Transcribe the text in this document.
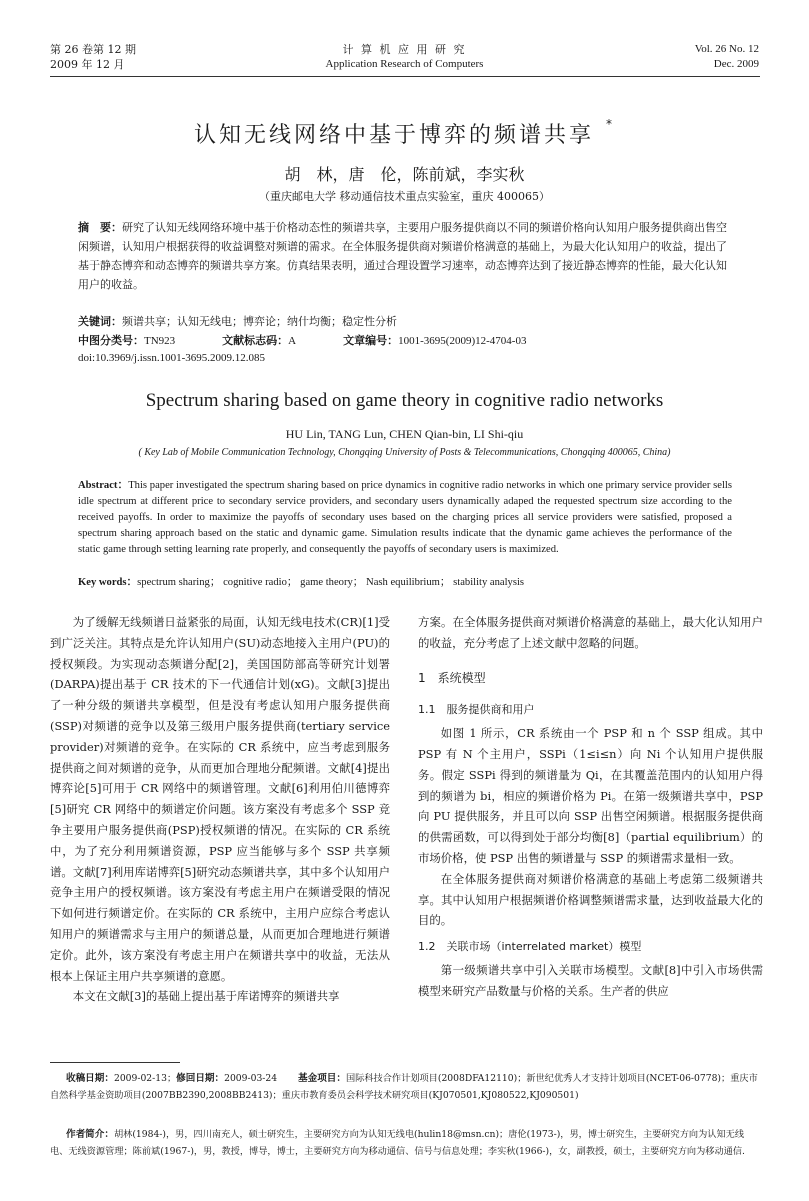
第 26 卷第 12 期
2009 年 12 月
计 算 机 应 用 研 究
Application Research of Computers
Vol. 26 No. 12
Dec. 2009
认知无线网络中基于博弈的频谱共享 *
胡　林，唐　伦，陈前斌，李实秋
（重庆邮电大学 移动通信技术重点实验室，重庆 400065）
摘　要：研究了认知无线网络环境中基于价格动态性的频谱共享，主要用户服务提供商以不同的频谱价格向认知用户服务提供商出售空闲频谱，认知用户根据获得的收益调整对频谱的需求。在全体服务提供商对频谱价格满意的基础上，为最大化认知用户的收益，提出了基于静态博弈和动态博弈的频谱共享方案。仿真结果表明，通过合理设置学习速率，动态博弈达到了接近静态博弈的性能，最大化认知用户的收益。
关键词：频谱共享；认知无线电；博弈论；纳什均衡；稳定性分析
中图分类号：TN923	文献标志码：A	文章编号：1001-3695(2009)12-4704-03
doi:10.3969/j.issn.1001-3695.2009.12.085
Spectrum sharing based on game theory in cognitive radio networks
HU Lin, TANG Lun, CHEN Qian-bin, LI Shi-qiu
( Key Lab of Mobile Communication Technology, Chongqing University of Posts & Telecommunications, Chongqing 400065, China)
Abstract：This paper investigated the spectrum sharing based on price dynamics in cognitive radio networks in which one primary service provider sells idle spectrum at different price to secondary service providers, and secondary users dynamically adaped the requested spectrum size according to the received payoffs. In order to maximize the payoffs of secondary uses based on the charging prices all service providers were satisfied, proposed a spectrum sharing approach based on the static and dynamic game. Simulation results indicate that the dynamic game achieves the performance of the static game through setting learning rate properly, and consequently the payoffs of secondary users is maximized.
Key words：spectrum sharing； cognitive radio； game theory； Nash equilibrium； stability analysis

为了缓解无线频谱日益紧张的局面，认知无线电技术(CR)[1]受到广泛关注。其特点是允许认知用户(SU)动态地接入主用户(PU)的授权频段。为实现动态频谱分配[2]，美国国防部高等研究计划署(DARPA)提出基于 CR 技术的下一代通信计划(xG)。文献[3]提出了一种分级的频谱共享模型，但是没有考虑认知用户服务提供商(SSP)对频谱的竞争以及第三级用户服务提供商(tertiary service provider)对频谱的竞争。在实际的 CR 系统中，应当考虑到服务提供商之间对频谱的竞争，从而更加合理地分配频谱。文献[4]提出博弈论[5]可用于 CR 网络中的频谱管理。文献[6]利用伯川德博弈[5]研究 CR 网络中的频谱定价问题。该方案没有考虑多个 SSP 竞争主要用户服务提供商(PSP)授权频谱的情况。在实际的 CR 系统中，为了充分利用频谱资源，PSP 应当能够与多个 SSP 共享频谱。文献[7]利用库诺博弈[5]研究动态频谱共享，其中多个认知用户竞争主用户的授权频谱。该方案没有考虑主用户在频谱受限的情况下如何进行频谱定价。在实际的 CR 系统中，主用户应综合考虑认知用户的频谱需求与主用户的频谱总量，从而更加合理地进行频谱定价。此外，该方案没有考虑主用户在频谱共享中的收益，无法从根本上保证主用户共享频谱的意愿。

本文在文献[3]的基础上提出基于库诺博弈的频谱共享

方案。在全体服务提供商对频谱价格满意的基础上，最大化认知用户的收益，充分考虑了上述文献中忽略的问题。

1　系统模型
1.1　服务提供商和用户

如图 1 所示，CR 系统由一个 PSP 和 n 个 SSP 组成。其中 PSP 有 N 个主用户，SSPi（1≤i≤n）向 Ni 个认知用户提供服务。假定 SSPi 得到的频谱量为 Qi，在其覆盖范围内的认知用户得到的频谱为 bi，相应的频谱价格为 Pi。在第一级频谱共享中，PSP 向 PU 提供服务，并且可以向 SSP 出售空闲频谱。根据服务提供商的供需函数，可以得到处于部分均衡[8]（partial equilibrium）的市场价格，使 PSP 出售的频谱量与 SSP 的频谱需求量相一致。

在全体服务提供商对频谱价格满意的基础上考虑第二级频谱共享。其中认知用户根据频谱价格调整频谱需求量，达到收益最大化的目的。

1.2　关联市场（interrelated market）模型

第一级频谱共享中引入关联市场模型。文献[8]中引入市场供需模型来研究产品数量与价格的关系。生产者的供应

收稿日期：2009-02-13；修回日期：2009-03-24 基金项目：国际科技合作计划项目(2008DFA12110)；新世纪优秀人才支持计划项目(NCET-06-0778)；重庆市自然科学基金资助项目(2007BB2390,2008BB2413)；重庆市教育委员会科学技术研究项目(KJ070501,KJ080522,KJ090501)
作者简介：胡林(1984-)，男，四川南充人，硕士研究生，主要研究方向为认知无线电(hulin18@msn.cn)；唐伦(1973-)，男，博士研究生，主要研究方向为认知无线电、无线资源管理；陈前斌(1967-)，男，教授，博导，博士，主要研究方向为移动通信、信号与信息处理；李实秋(1966-)，女，副教授，硕士，主要研究方向为移动通信.
